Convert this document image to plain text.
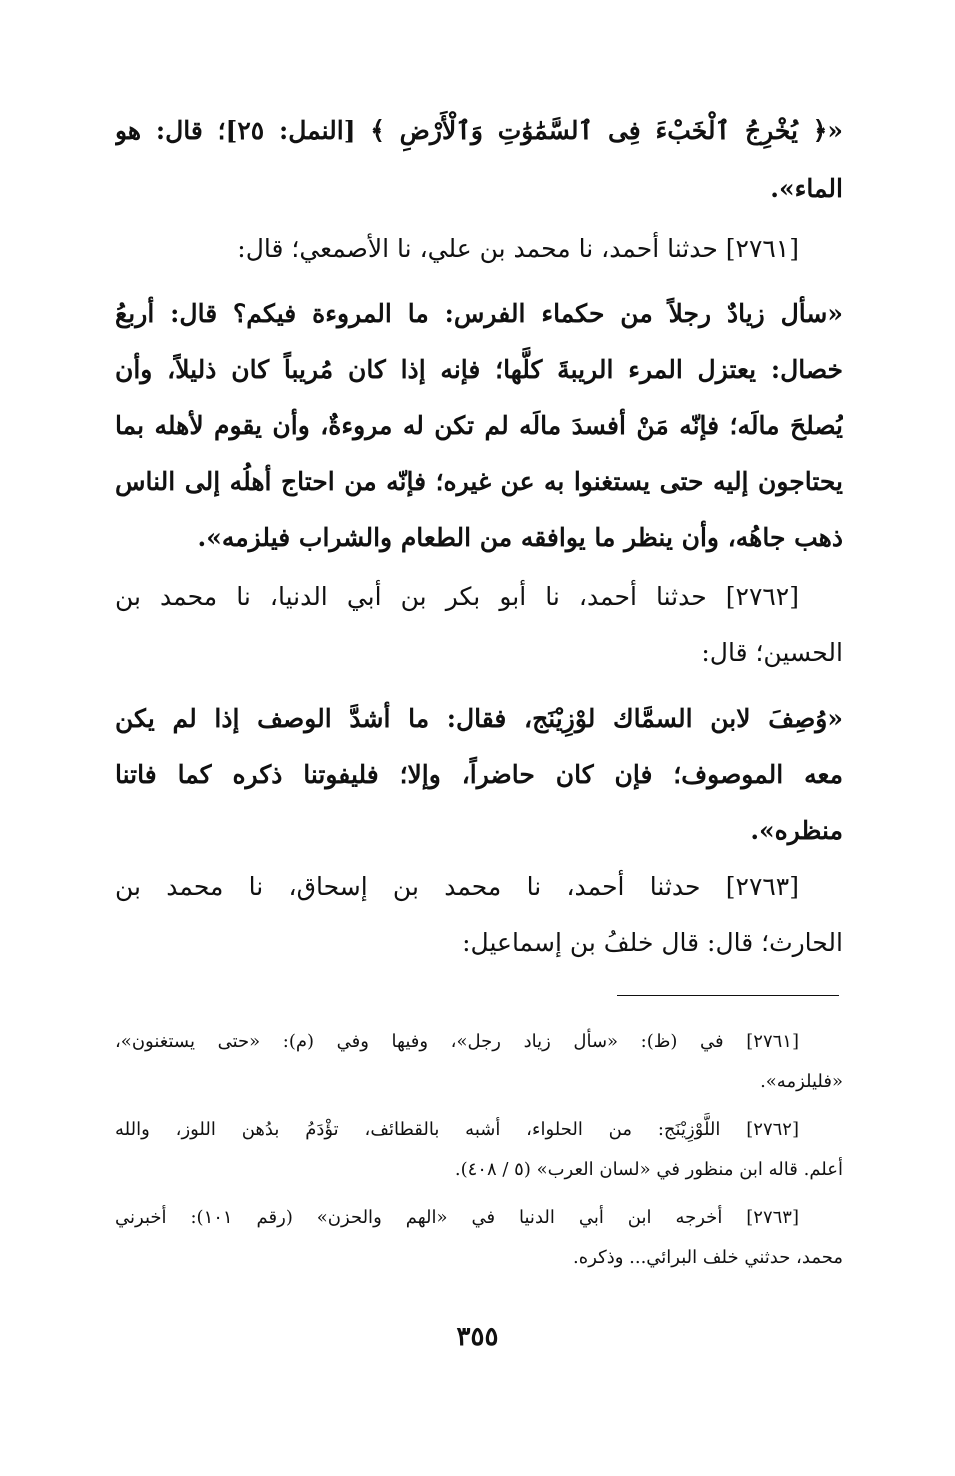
«﴿ يُخْرِجُ ٱلْخَبْءَ فِى ٱلسَّمَٰوَٰتِ وَٱلْأَرْضِ ﴾ [النمل: ٢٥]؛ قال: هو
الماء».
[٢٧٦١] حدثنا أحمد، نا محمد بن علي، نا الأصمعي؛ قال:
«سأل زيادٌ رجلاً من حكماء الفرس: ما المروءة فيكم؟ قال: أربعُ
خصال: يعتزل المرء الريبةَ كلَّها؛ فإنه إذا كان مُريباً كان ذليلاً، وأن
يُصلحَ مالَه؛ فإنّه مَنْ أفسدَ مالَه لم تكن له مروءةٌ، وأن يقوم لأهله بما
يحتاجون إليه حتى يستغنوا به عن غيره؛ فإنّه من احتاج أهلُه إلى الناس
ذهب جاهُه، وأن ينظر ما يوافقه من الطعام والشراب فيلزمه».
[٢٧٦٢] حدثنا أحمد، نا أبو بكر بن أبي الدنيا، نا محمد بن
الحسين؛ قال:
«وُصِفَ لابن السمَّاك لوْزِيْنَج، فقال: ما أشدَّ الوصف إذا لم يكن
معه الموصوف؛ فإن كان حاضراً، وإلا؛ فليفوتنا ذكره كما فاتنا
منظره».
[٢٧٦٣] حدثنا أحمد، نا محمد بن إسحاق، نا محمد بن
الحارث؛ قال: قال خلفُ بن إسماعيل:
[٢٧٦١] في (ظ): «سأل زياد رجل»، وفيها وفي (م): «حتى يستغنون»،
«فليلزمه».
[٢٧٦٢] اللَّوْزِيْنَج: من الحلواء، أشبه بالقطائف، تؤْدَمُ بدُهن اللوز، والله
أعلم. قاله ابن منظور في «لسان العرب» (٥ / ٤٠٨).
[٢٧٦٣] أخرجه ابن أبي الدنيا في «الهم والحزن» (رقم ١٠١): أخبرني
محمد، حدثني خلف البرائي... وذكره.
٣٥٥
